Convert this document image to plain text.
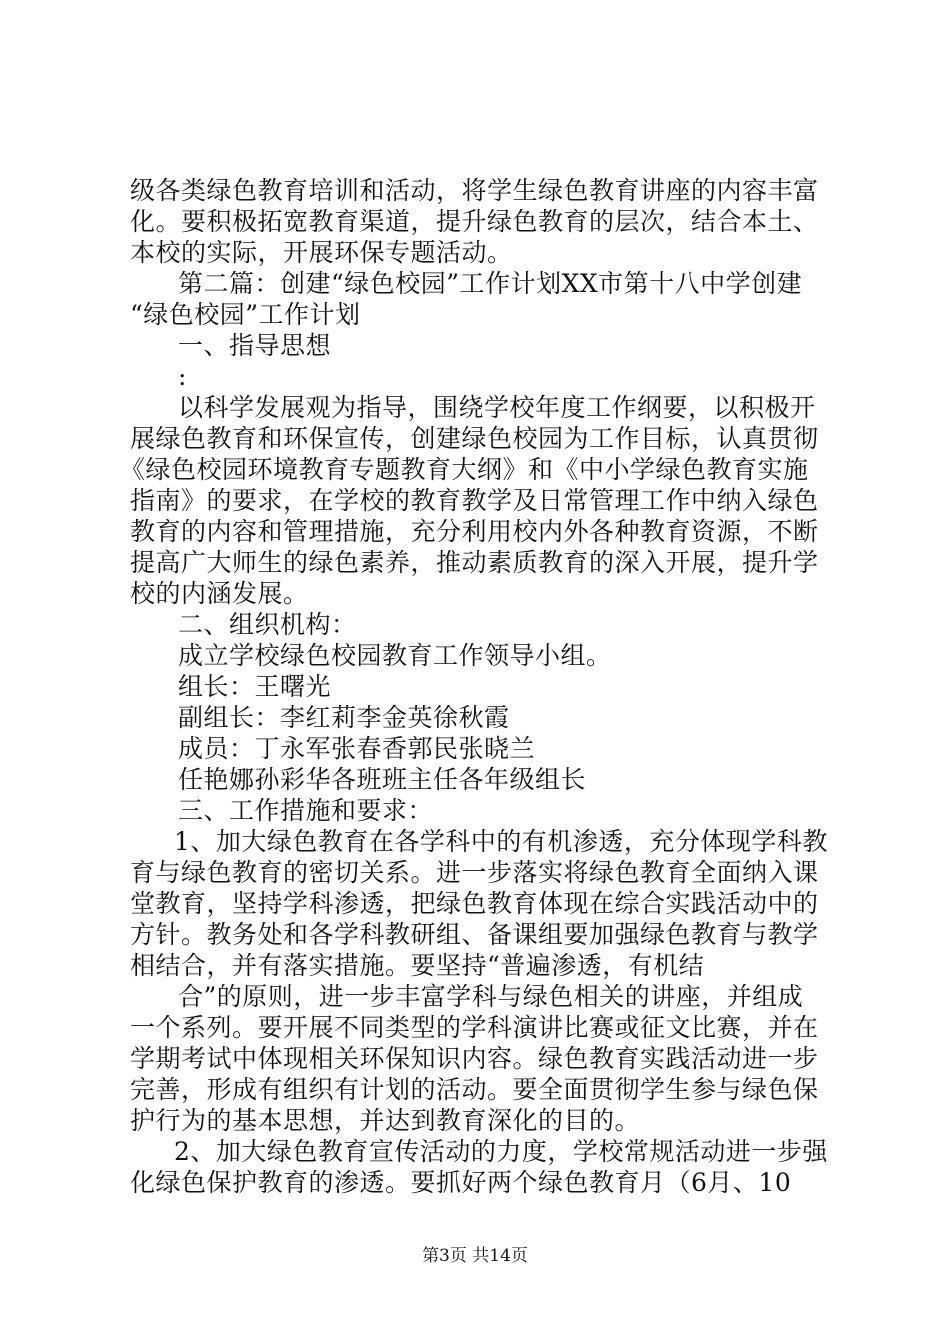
级各类绿色教育培训和活动，将学生绿色教育讲座的内容丰富
化。要积极拓宽教育渠道，提升绿色教育的层次，结合本土、
本校的实际，开展环保专题活动。
第二篇：创建“绿色校园”工作计划XX市第十八中学创建
“绿色校园”工作计划
一、指导思想
:
以科学发展观为指导，围绕学校年度工作纲要，以积极开
展绿色教育和环保宣传，创建绿色校园为工作目标，认真贯彻
《绿色校园环境教育专题教育大纲》和《中小学绿色教育实施
指南》的要求，在学校的教育教学及日常管理工作中纳入绿色
教育的内容和管理措施，充分利用校内外各种教育资源，不断
提高广大师生的绿色素养，推动素质教育的深入开展，提升学
校的内涵发展。
二、组织机构：
成立学校绿色校园教育工作领导小组。
组长：王曙光
副组长：李红莉李金英徐秋霞
成员：丁永军张春香郭民张晓兰
任艳娜孙彩华各班班主任各年级组长
三、工作措施和要求：
1、加大绿色教育在各学科中的有机渗透，充分体现学科教
育与绿色教育的密切关系。进一步落实将绿色教育全面纳入课
堂教育，坚持学科渗透，把绿色教育体现在综合实践活动中的
方针。教务处和各学科教研组、备课组要加强绿色教育与教学
相结合，并有落实措施。要坚持“普遍渗透，有机结
合”的原则，进一步丰富学科与绿色相关的讲座，并组成
一个系列。要开展不同类型的学科演讲比赛或征文比赛，并在
学期考试中体现相关环保知识内容。绿色教育实践活动进一步
完善，形成有组织有计划的活动。要全面贯彻学生参与绿色保
护行为的基本思想，并达到教育深化的目的。
2、加大绿色教育宣传活动的力度，学校常规活动进一步强
化绿色保护教育的渗透。要抓好两个绿色教育月（6月、10
第3页 共14页
